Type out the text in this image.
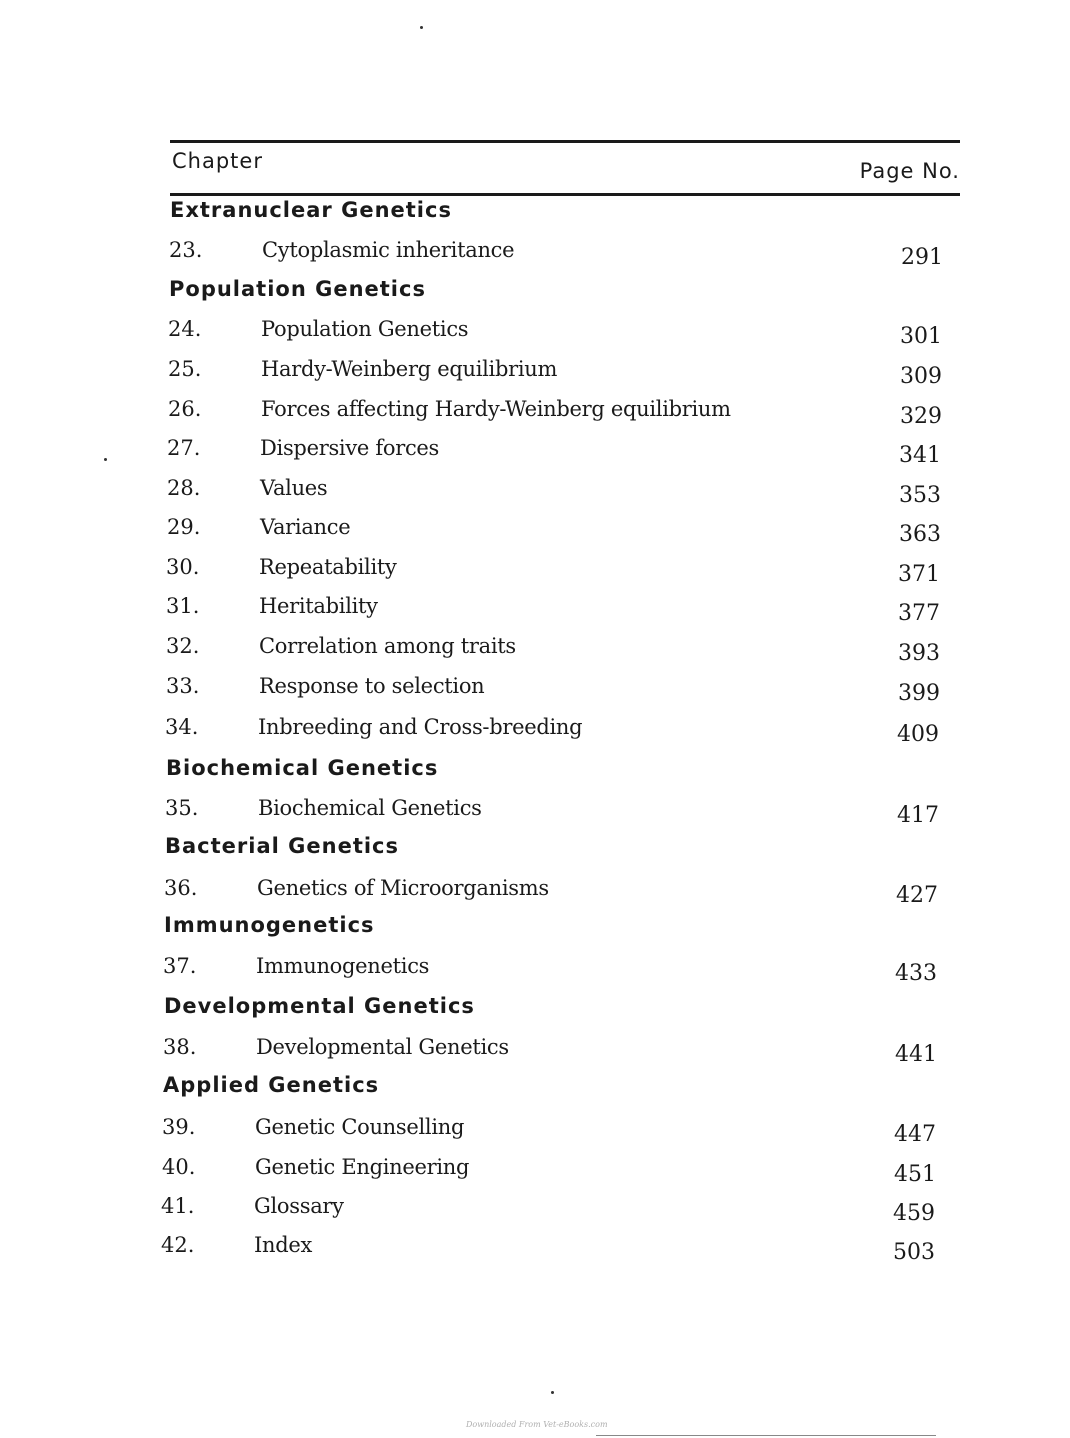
Chapter	Page No.
Extranuclear Genetics
23.	Cytoplasmic inheritance	291
Population Genetics
24.	Population Genetics	301
25.	Hardy-Weinberg equilibrium	309
26.	Forces affecting Hardy-Weinberg equilibrium	329
27.	Dispersive forces	341
28.	Values	353
29.	Variance	363
30.	Repeatability	371
31.	Heritability	377
32.	Correlation among traits	393
33.	Response to selection	399
34.	Inbreeding and Cross-breeding	409
Biochemical Genetics
35.	Biochemical Genetics	417
Bacterial Genetics
36.	Genetics of Microorganisms	427
Immunogenetics
37.	Immunogenetics	433
Developmental Genetics
38.	Developmental Genetics	441
Applied Genetics
39.	Genetic Counselling	447
40.	Genetic Engineering	451
41.	Glossary	459
42.	Index	503
Downloaded From Vet-eBooks.com
